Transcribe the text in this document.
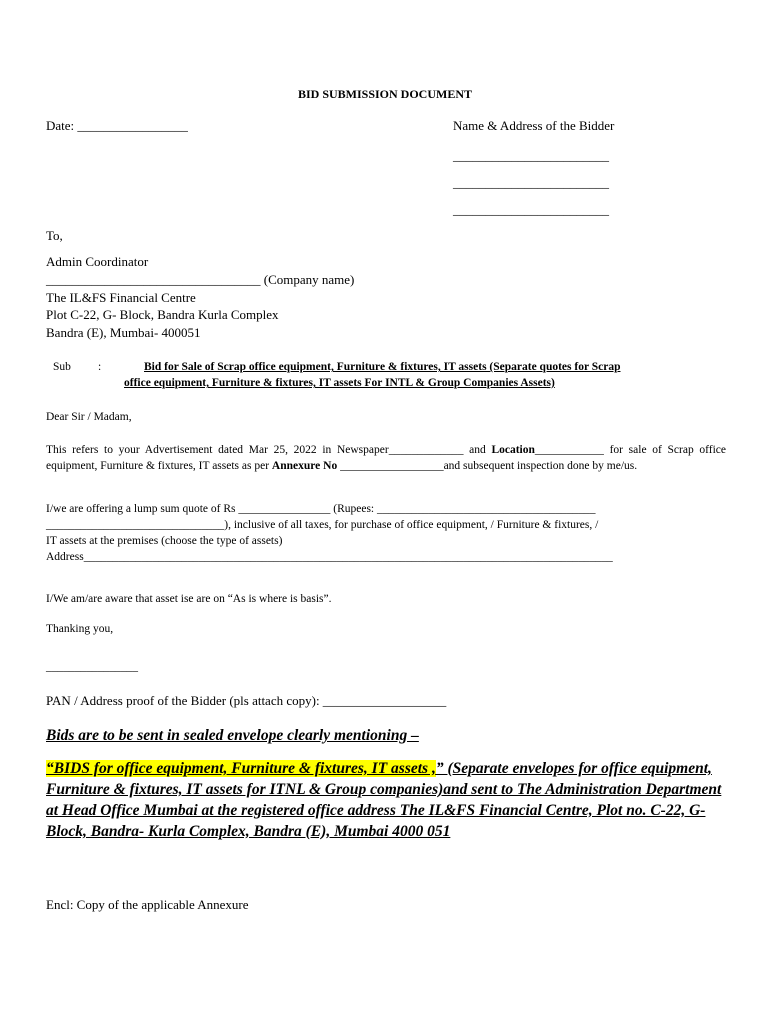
BID SUBMISSION DOCUMENT
Date: _________________	Name & Address of the Bidder
________________________
________________________
________________________
To,
Admin Coordinator
_________________________________ (Company name)
The IL&FS Financial Centre
Plot C-22, G- Block, Bandra Kurla Complex
Bandra (E), Mumbai- 400051
Sub :	Bid for Sale of Scrap office equipment, Furniture & fixtures, IT assets (Separate quotes for Scrap
office equipment, Furniture & fixtures, IT assets For INTL & Group Companies Assets)
Dear Sir / Madam,
This refers to your Advertisement dated Mar 25, 2022 in Newspaper_____________ and Location____________ for sale of Scrap office equipment, Furniture & fixtures, IT assets as per Annexure No __________________and subsequent inspection done by me/us.
I/we are offering a lump sum quote of Rs ________________ (Rupees: ______________________________________
_______________________________), inclusive of all taxes, for purchase of office equipment, / Furniture & fixtures, /
IT assets at the premises (choose the type of assets)
Address____________________________________________________________________________________________
I/We am/are aware that asset ise are on “As is where is basis”.
Thanking you,
________________
PAN / Address proof of the Bidder (pls attach copy): ___________________
Bids are to be sent in sealed envelope clearly mentioning –
“BIDS for office equipment, Furniture & fixtures, IT assets ,” (Separate envelopes for office equipment, Furniture & fixtures, IT assets for ITNL & Group companies)and sent to The Administration Department at Head Office Mumbai at the registered office address The IL&FS Financial Centre, Plot no. C-22, G-Block, Bandra- Kurla Complex, Bandra (E), Mumbai 4000 051
Encl: Copy of the applicable Annexure
